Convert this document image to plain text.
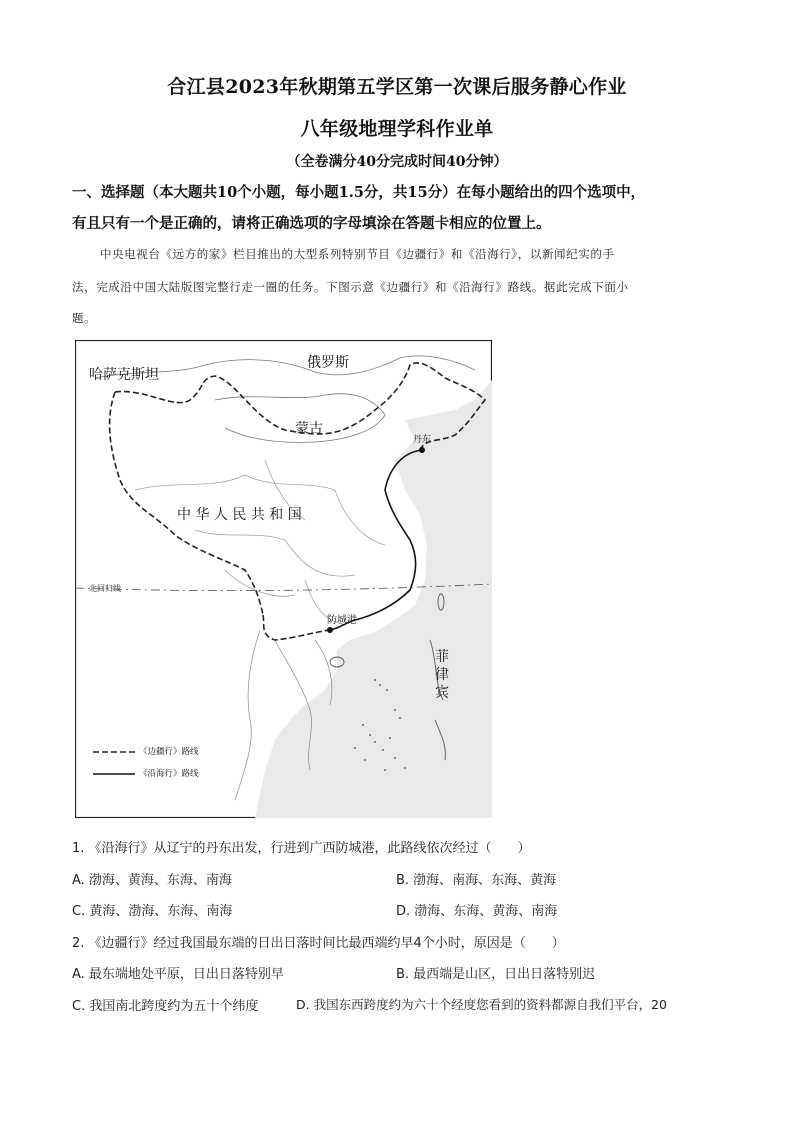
合江县2023年秋期第五学区第一次课后服务静心作业
八年级地理学科作业单
（全卷满分40分完成时间40分钟）
一、选择题（本大题共10个小题，每小题1.5分，共15分）在每小题给出的四个选项中，
有且只有一个是正确的，请将正确选项的字母填涂在答题卡相应的位置上。
中央电视台《远方的家》栏目推出的大型系列特别节目《边疆行》和《沿海行》，以新闻纪实的手
法，完成沿中国大陆版图完整行走一圈的任务。下图示意《边疆行》和《沿海行》路线。据此完成下面小
题。
哈萨克斯坦
俄罗斯
蒙古
丹东
中 华 人 民 共 和 国
北回归线
防城港
菲
律
宾
《边疆行》路线
《沿海行》路线
1. 《沿海行》从辽宁的丹东出发，行进到广西防城港，此路线依次经过（　　）
A. 渤海、黄海、东海、南海	B. 渤海、南海、东海、黄海
C. 黄海、渤海、东海、南海	D. 渤海、东海、黄海、南海
2. 《边疆行》经过我国最东端的日出日落时间比最西端约早4个小时，原因是（　　）
A. 最东端地处平原，日出日落特别早	B. 最西端是山区，日出日落特别迟
C. 我国南北跨度约为五十个纬度	D. 我国东西跨度约为六十个经度您看到的资料都源自我们平台，20
